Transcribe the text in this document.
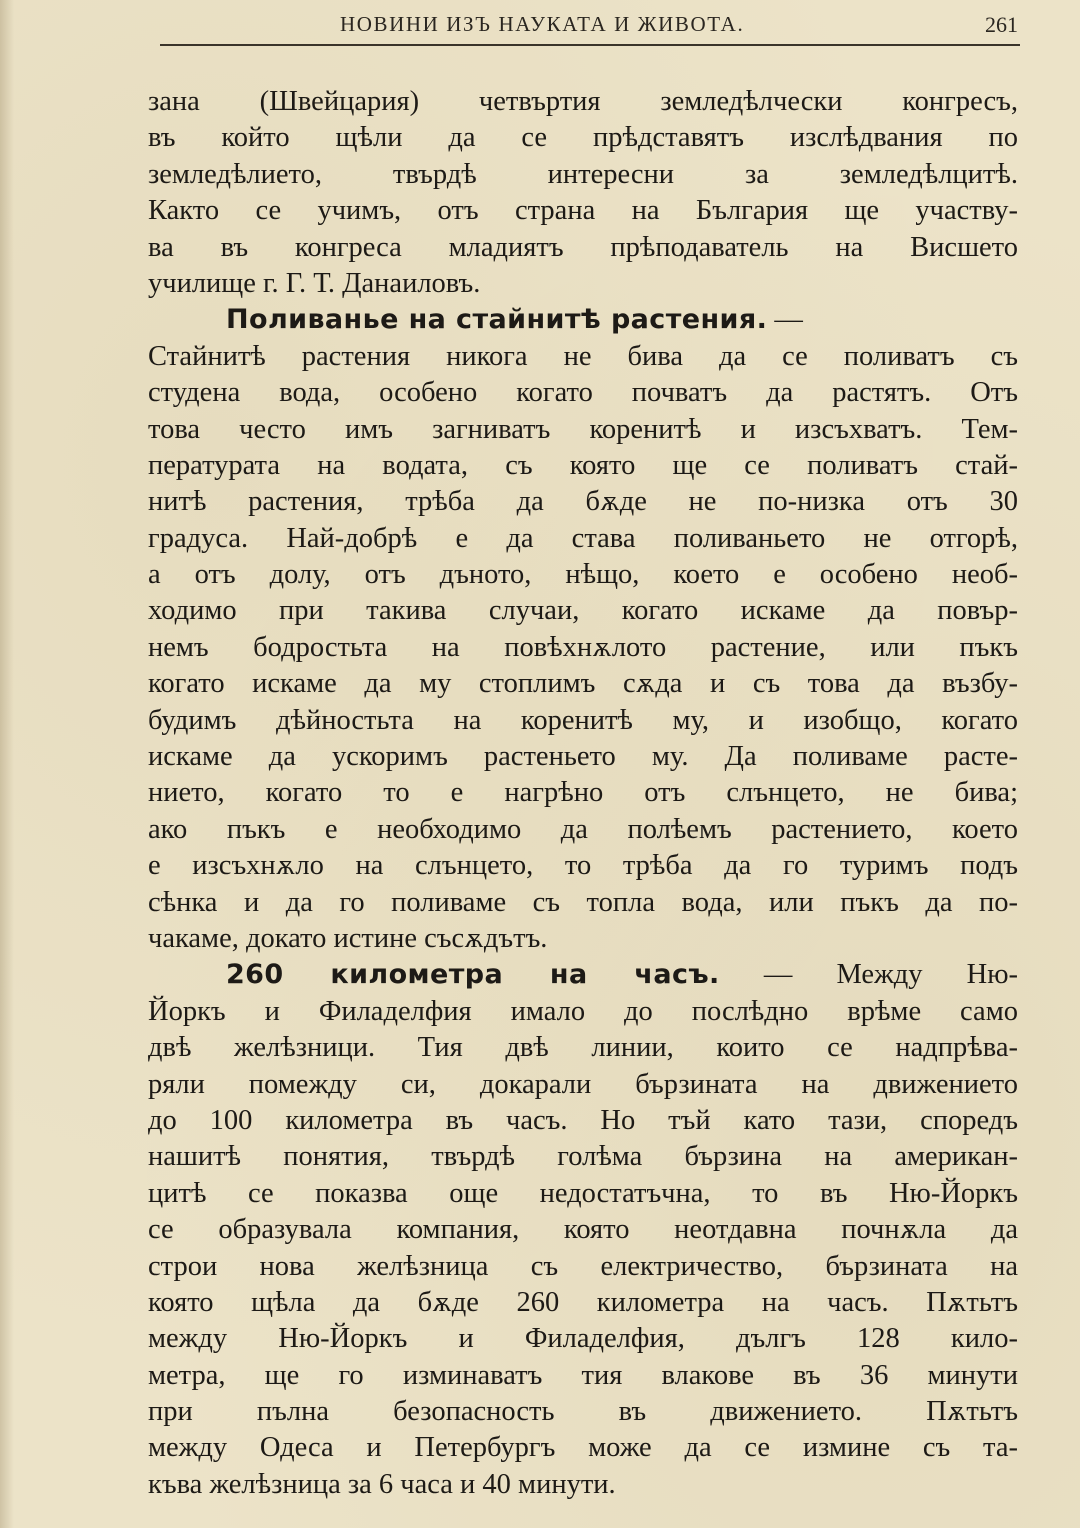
НОВИНИ ИЗЪ НАУКАТА И ЖИВОТА.	261
зана (Швейцария) четвъртия земледѣлчески конгресъ,
въ който щѣли да се прѣдставятъ изслѣдвания по
земледѣлието, твърдѣ интересни за земледѣлцитѣ.
Както се учимъ, отъ страна на България ще участву-
ва въ конгреса младиятъ прѣподаватель на Висшето
училище г. Г. Т. Данаиловъ.
Поливанье на стайнитѣ растения. —
Стайнитѣ растения никога не бива да се поливатъ съ
студена вода, особено когато почватъ да растятъ. Отъ
това често имъ загниватъ коренитѣ и изсъхватъ. Тем-
пературата на водата, съ която ще се поливатъ стай-
нитѣ растения, трѣба да бѫде не по-низка отъ 30
градуса. Най-добрѣ е да става поливаньето не отгорѣ,
а отъ долу, отъ дъното, нѣщо, което е особено необ-
ходимо при такива случаи, когато искаме да повър-
немъ бодростьта на повѣхнѫлото растение, или пъкъ
когато искаме да му стоплимъ сѫда и съ това да възбу-
будимъ дѣйностьта на коренитѣ му, и изобщо, когато
искаме да ускоримъ растеньето му. Да поливаме расте-
нието, когато то е нагрѣно отъ слънцето, не бива;
ако пъкъ е необходимо да полѣемъ растението, което
е изсъхнѫло на слънцето, то трѣба да го туримъ подъ
сѣнка и да го поливаме съ топла вода, или пъкъ да по-
чакаме, докато истине съсѫдътъ.
260 километра на часъ. — Между Ню-
Йоркъ и Филаделфия имало до послѣдно врѣме само
двѣ желѣзници. Тия двѣ линии, които се надпрѣва-
ряли помежду си, докарали бързината на движението
до 100 километра въ часъ. Но тъй като тази, споредъ
нашитѣ понятия, твърдѣ голѣма бързина на американ-
цитѣ се показва още недостатъчна, то въ Ню-Йоркъ
се образувала компания, която неотдавна почнѫла да
строи нова желѣзница съ електричество, бързината на
която щѣла да бѫде 260 километра на часъ. Пѫтьтъ
между Ню-Йоркъ и Филаделфия, дългъ 128 кило-
метра, ще го изминаватъ тия влакове въ 36 минути
при пълна безопасность въ движението. Пѫтьтъ
между Одеса и Петербургъ може да се измине съ та-
къва желѣзница за 6 часа и 40 минути.
